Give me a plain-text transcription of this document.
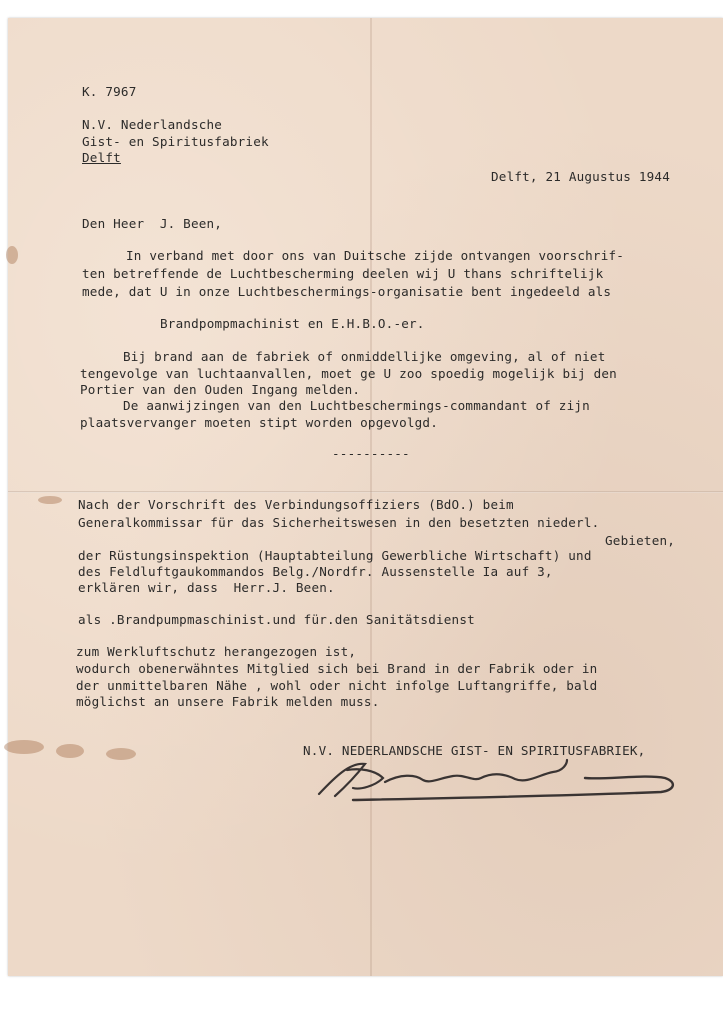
K. 7967
N.V. Nederlandsche
Gist- en Spiritusfabriek
Delft
Delft, 21 Augustus 1944
Den Heer  J. Been,
In verband met door ons van Duitsche zijde ontvangen voorschrif-
ten betreffende de Luchtbescherming deelen wij U thans schriftelijk
mede, dat U in onze Luchtbeschermings-organisatie bent ingedeeld als
Brandpompmachinist en E.H.B.O.-er.
Bij brand aan de fabriek of onmiddellijke omgeving, al of niet
tengevolge van luchtaanvallen, moet ge U zoo spoedig mogelijk bij den
Portier van den Ouden Ingang melden.
De aanwijzingen van den Luchtbeschermings-commandant of zijn
plaatsvervanger moeten stipt worden opgevolgd.
----------
Nach der Vorschrift des Verbindungsoffiziers (BdO.) beim
Generalkommissar für das Sicherheitswesen in den besetzten niederl.
Gebieten,
der Rüstungsinspektion (Hauptabteilung Gewerbliche Wirtschaft) und
des Feldluftgaukommandos Belg./Nordfr. Aussenstelle Ia auf 3,
erklären wir, dass  Herr.J. Been.
als .Brandpumpmaschinist.und für.den Sanitätsdienst
zum Werkluftschutz herangezogen ist,
wodurch obenerwähntes Mitglied sich bei Brand in der Fabrik oder in
der unmittelbaren Nähe , wohl oder nicht infolge Luftangriffe, bald
möglichst an unsere Fabrik melden muss.
N.V. NEDERLANDSCHE GIST- EN SPIRITUSFABRIEK,
